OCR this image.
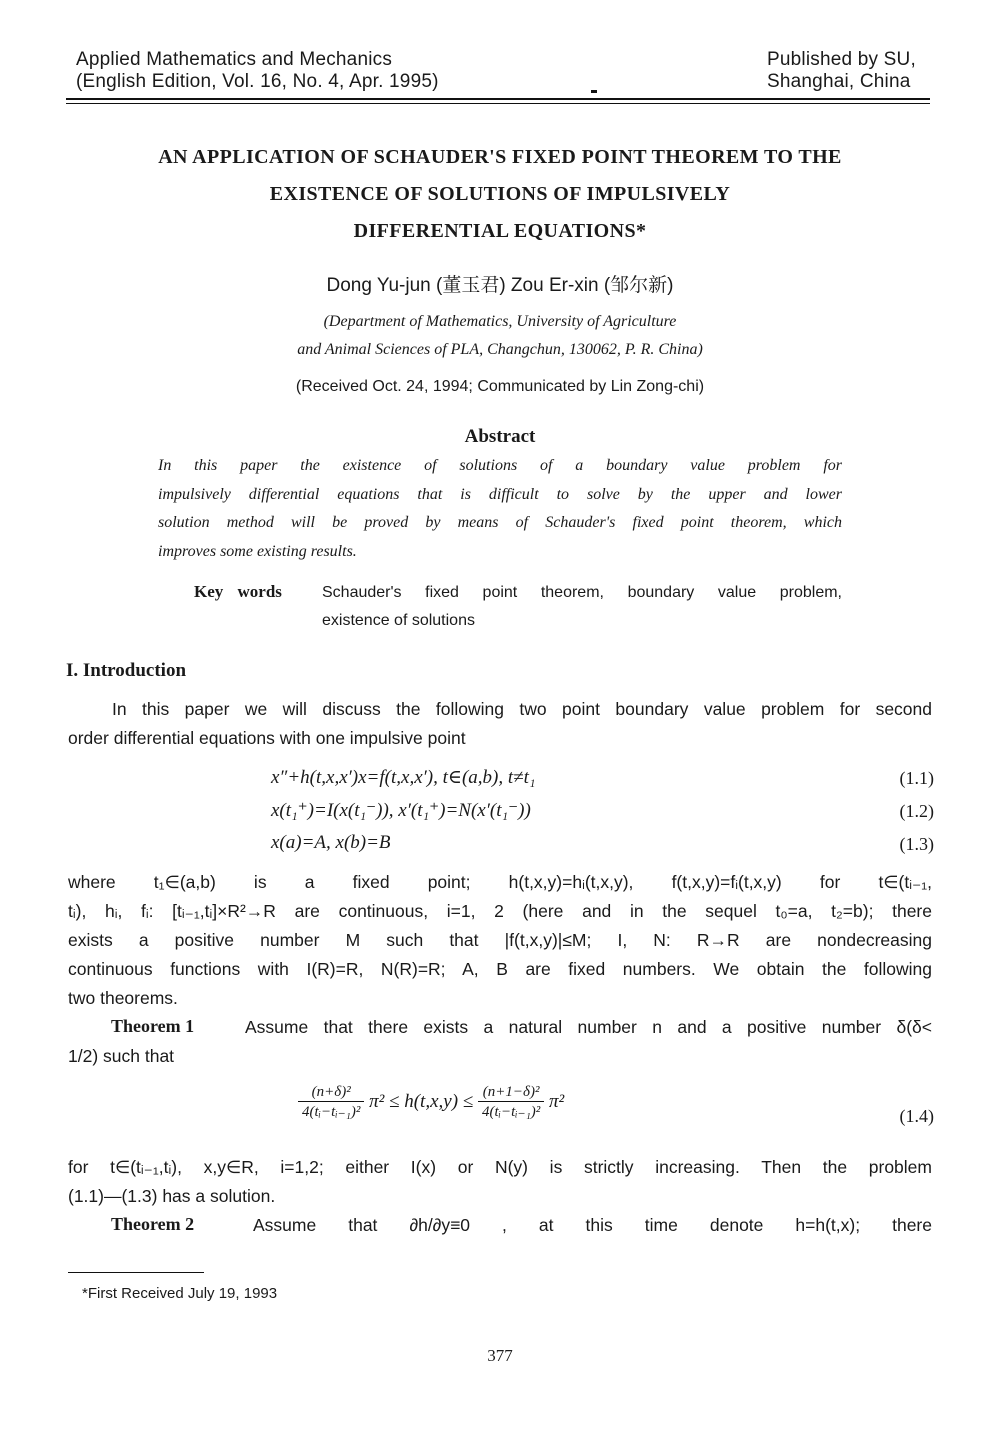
Applied Mathematics and Mechanics
(English Edition, Vol. 16, No. 4, Apr. 1995)
Published by SU,
Shanghai, China
AN APPLICATION OF SCHAUDER'S FIXED POINT THEOREM TO THE
EXISTENCE OF SOLUTIONS OF IMPULSIVELY
DIFFERENTIAL EQUATIONS*
Dong Yu-jun (董玉君) Zou Er-xin (邹尔新)
(Department of Mathematics, University of Agriculture
and Animal Sciences of PLA, Changchun, 130062, P. R. China)
(Received Oct. 24, 1994; Communicated by Lin Zong-chi)
Abstract
In this paper the existence of solutions of a boundary value problem for
impulsively differential equations that is difficult to solve by the upper and lower
solution method will be proved by means of Schauder's fixed point theorem, which
improves some existing results.
Key words	Schauder's fixed point theorem, boundary value problem,
existence of solutions
I. Introduction
In this paper we will discuss the following two point boundary value problem for second
order differential equations with one impulsive point
x″+h(t,x,x′)x=f(t,x,x′), t∈(a,b), t≠t₁	(1.1)
x(t₁⁺)=I(x(t₁⁻)), x′(t₁⁺)=N(x′(t₁⁻))	(1.2)
x(a)=A, x(b)=B	(1.3)
where t₁∈(a,b) is a fixed point; h(t,x,y)=hᵢ(t,x,y), f(t,x,y)=fᵢ(t,x,y) for t∈(tᵢ₋₁,
tᵢ), hᵢ, fᵢ: [tᵢ₋₁,tᵢ]×R²→R are continuous, i=1, 2 (here and in the sequel t₀=a, t₂=b); there
exists a positive number M such that |f(t,x,y)|≤M; I, N: R→R are nondecreasing
continuous functions with I(R)=R, N(R)=R; A, B are fixed numbers. We obtain the following
two theorems.
Theorem 1	Assume that there exists a natural number n and a positive number δ(δ<
1/2) such that
$\frac{\text{(n+δ)²}}{\text{4(tᵢ−tᵢ₋₁)²}} \pi^2 \le h(t,x,y) \le \frac{\text{(n+1−δ)²}}{\text{4(tᵢ−tᵢ₋₁)²}} \pi^2$
(1.4)
for t∈(tᵢ₋₁,tᵢ), x,y∈R, i=1,2; either I(x) or N(y) is strictly increasing. Then the problem
(1.1)—(1.3) has a solution.
Theorem 2	Assume that ∂h/∂y≡0 , at this time denote h=h(t,x); there
*First Received July 19, 1993
377
